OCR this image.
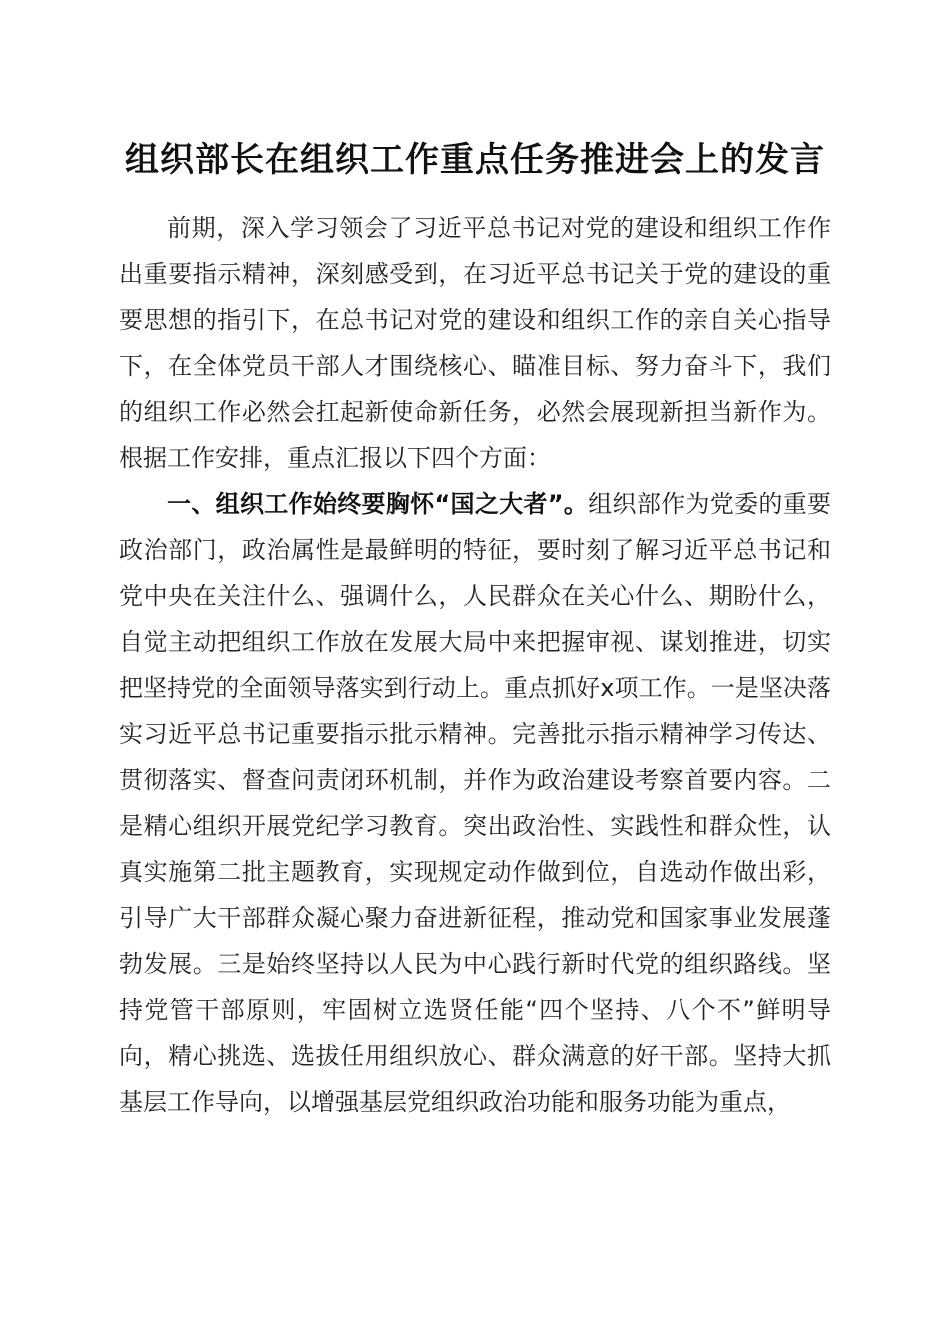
组织部长在组织工作重点任务推进会上的发言

前期，深入学习领会了习近平总书记对党的建设和组织工作作出重要指示精神，深刻感受到，在习近平总书记关于党的建设的重要思想的指引下，在总书记对党的建设和组织工作的亲自关心指导下，在全体党员干部人才围绕核心、瞄准目标、努力奋斗下，我们的组织工作必然会扛起新使命新任务，必然会展现新担当新作为。根据工作安排，重点汇报以下四个方面：

一、组织工作始终要胸怀“国之大者”。组织部作为党委的重要政治部门，政治属性是最鲜明的特征，要时刻了解习近平总书记和党中央在关注什么、强调什么，人民群众在关心什么、期盼什么，自觉主动把组织工作放在发展大局中来把握审视、谋划推进，切实把坚持党的全面领导落实到行动上。重点抓好x项工作。一是坚决落实习近平总书记重要指示批示精神。完善批示指示精神学习传达、贯彻落实、督查问责闭环机制，并作为政治建设考察首要内容。二是精心组织开展党纪学习教育。突出政治性、实践性和群众性，认真实施第二批主题教育，实现规定动作做到位，自选动作做出彩，引导广大干部群众凝心聚力奋进新征程，推动党和国家事业发展蓬勃发展。三是始终坚持以人民为中心践行新时代党的组织路线。坚持党管干部原则，牢固树立选贤任能“四个坚持、八个不”鲜明导向，精心挑选、选拔任用组织放心、群众满意的好干部。坚持大抓基层工作导向，以增强基层党组织政治功能和服务功能为重点，
